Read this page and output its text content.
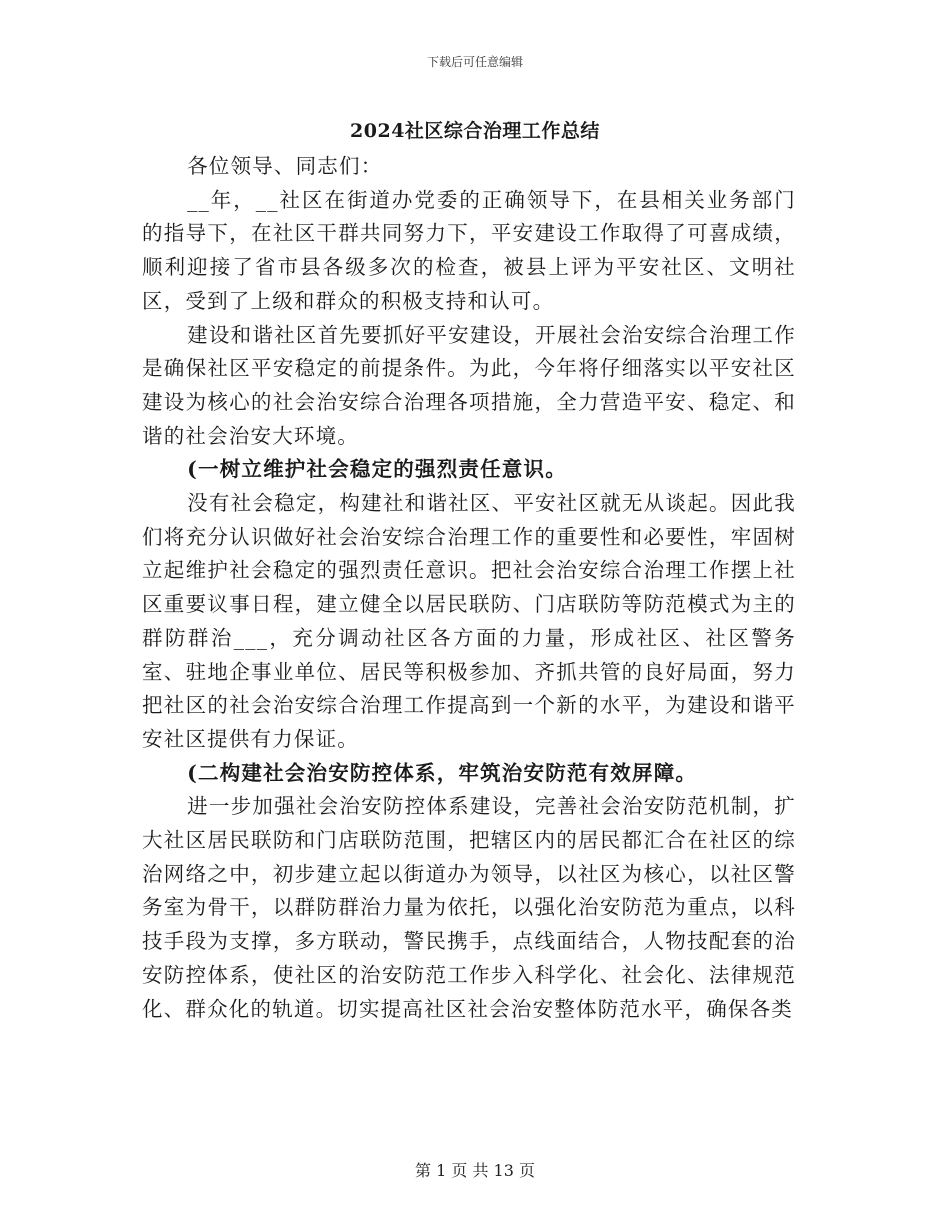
下载后可任意编辑
2024社区综合治理工作总结

各位领导、同志们：

__年，__社区在街道办党委的正确领导下，在县相关业务部门的指导下，在社区干群共同努力下，平安建设工作取得了可喜成绩，顺利迎接了省市县各级多次的检查，被县上评为平安社区、文明社区，受到了上级和群众的积极支持和认可。

建设和谐社区首先要抓好平安建设，开展社会治安综合治理工作是确保社区平安稳定的前提条件。为此，今年将仔细落实以平安社区建设为核心的社会治安综合治理各项措施，全力营造平安、稳定、和谐的社会治安大环境。

(一树立维护社会稳定的强烈责任意识。

没有社会稳定，构建社和谐社区、平安社区就无从谈起。因此我们将充分认识做好社会治安综合治理工作的重要性和必要性，牢固树立起维护社会稳定的强烈责任意识。把社会治安综合治理工作摆上社区重要议事日程，建立健全以居民联防、门店联防等防范模式为主的群防群治___，充分调动社区各方面的力量，形成社区、社区警务室、驻地企事业单位、居民等积极参加、齐抓共管的良好局面，努力把社区的社会治安综合治理工作提高到一个新的水平，为建设和谐平安社区提供有力保证。

(二构建社会治安防控体系，牢筑治安防范有效屏障。

进一步加强社会治安防控体系建设，完善社会治安防范机制，扩大社区居民联防和门店联防范围，把辖区内的居民都汇合在社区的综治网络之中，初步建立起以街道办为领导，以社区为核心，以社区警务室为骨干，以群防群治力量为依托，以强化治安防范为重点，以科技手段为支撑，多方联动，警民携手，点线面结合，人物技配套的治安防控体系，使社区的治安防范工作步入科学化、社会化、法律规范化、群众化的轨道。切实提高社区社会治安整体防范水平，确保各类

第 1 页 共 13 页
